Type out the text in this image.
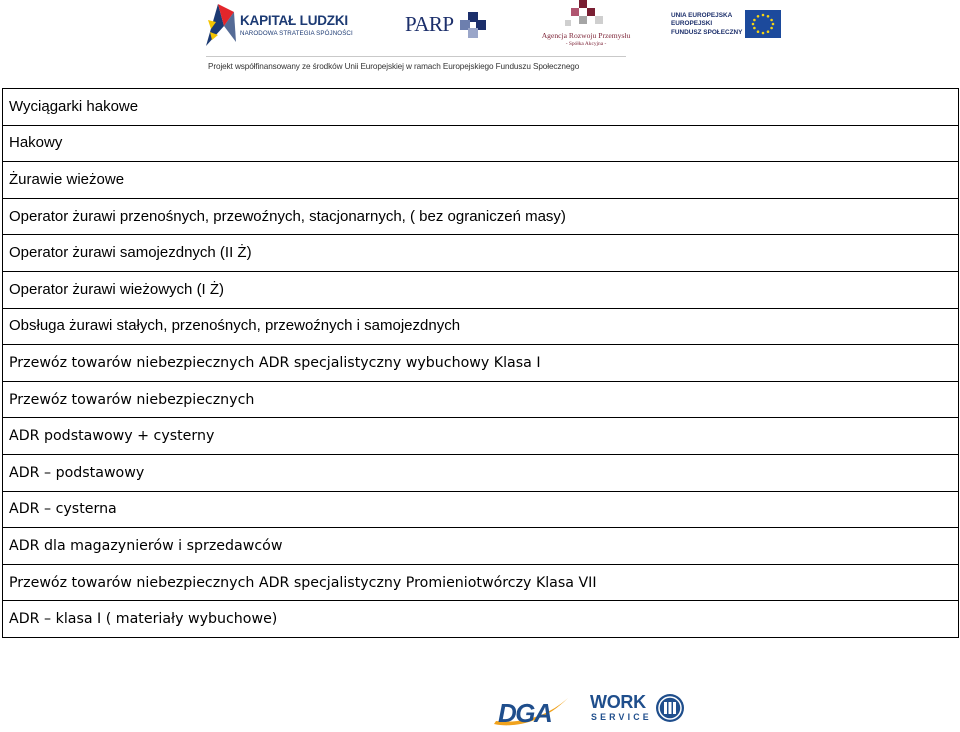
KAPITAŁ LUDZKI
NARODOWA STRATEGIA SPÓJNOŚCI PARP	Agencja Rozwoju Przemysłu
- Spółka Akcyjna -
UNIA EUROPEJSKA
EUROPEJSKI
FUNDUSZ SPOŁECZNY
Projekt współfinansowany ze środków Unii Europejskiej w ramach Europejskiego Funduszu Społecznego
Wyciągarki hakowe
Hakowy
Żurawie wieżowe
Operator żurawi przenośnych, przewoźnych, stacjonarnych, ( bez ograniczeń masy)
Operator żurawi samojezdnych (II Ż)
Operator żurawi wieżowych (I Ż)
Obsługa żurawi stałych, przenośnych, przewoźnych i samojezdnych
Przewóz towarów niebezpiecznych ADR specjalistyczny wybuchowy Klasa I
Przewóz towarów niebezpiecznych
ADR podstawowy + cysterny
ADR – podstawowy
ADR – cysterna
ADR dla magazynierów i sprzedawców
Przewóz towarów niebezpiecznych ADR specjalistyczny Promieniotwórczy Klasa VII
ADR – klasa I ( materiały wybuchowe)
DGA WORK
SERVICE
